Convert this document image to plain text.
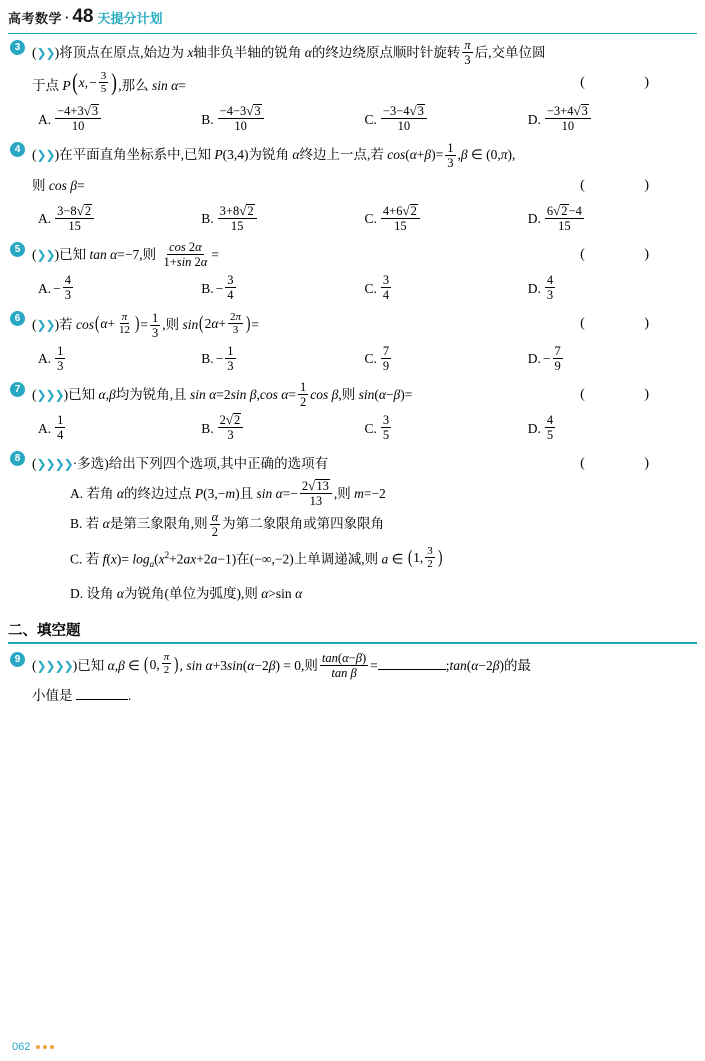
高考数学 · 48 天提分计划
3 (❯❯)将顶点在原点,始边为 x轴非负半轴的锐角 α的终边绕原点顺时针旋转 $\frac{\pi}{3}$ 后,交单位圆
于点 P ( x , − $\frac{3}{5}$ ) ,那么 sin α=	( )
A. $\frac{-4+3 √ 3}{10}$	B. $\frac{-4-3 √ 3}{10}$	C. $\frac{-3-4 √ 3}{10}$	D. $\frac{-3+4 √ 3}{10}$
4 (❯❯)在平面直角坐标系中,已知 P(3,4)为锐角 α终边上一点,若 $\cos(\alpha+\beta)= \frac{1}{3} ,\beta$ ∈ (0,π),
则 cos β=	( )
A. $\frac{3-8 √ 2}{15}$	B. $\frac{3+8 √ 2}{15}$	C. $\frac{4+6 √ 2}{15}$	D. $\frac{6 √ 2 -4}{15}$
5 (❯❯)已知 tan α=−7,则 $\frac{\cos 2\alpha}{1+\sin 2\alpha}$ =	( )
A. − $\frac{4}{3}$	B. − $\frac{3}{4}$	C. $\frac{3}{4}$	D. $\frac{4}{3}$
6 (❯❯)若 cos ( $\alpha + \frac{\pi}{12}$ ) = $\frac{1}{3}$ ,则 sin ( 2 $\alpha + \frac{2\pi}{3}$ ) =	( )
A. $\frac{1}{3}$	B. − $\frac{1}{3}$	C. $\frac{7}{9}$	D. − $\frac{7}{9}$
7 (❯❯❯)已知 α,β均为锐角,且 sin α=2sin β,cos $\alpha= \frac{1}{2}$ cos β,则 sin(α−β)=	( )
A. $\frac{1}{4}$	B. $\frac{2 √ 2}{3}$	C. $\frac{3}{5}$	D. $\frac{4}{5}$
8 (❯❯❯❯·多选)给出下列四个选项,其中正确的选项有	( )
A. 若角 α的终边过点 P(3,−m)且 $\sin \alpha=- \frac{2 √ 13}{13}$ ,则 m=−2
B. 若 α是第三象限角,则 $\frac{\alpha}{2}$ 为第二象限角或第四象限角
C. 若 $f(x)= \log_a(x^2+2ax+2a-1)$在(−∞,−2)上单调递减,则 a ∈ ( 1, $\frac{3}{2}$ )
D. 设角 α为锐角(单位为弧度),则 α>sin α
二、填空题
9 (❯❯❯❯)已知 α,β ∈ ( 0, $\frac{\pi}{2}$ ) , sin α+3sin(α−2β) = 0,则 $\frac{\tan(\alpha-\beta)}{\text{tan β}}$ =	;tan(α−2β)的最
小值是	.
062
